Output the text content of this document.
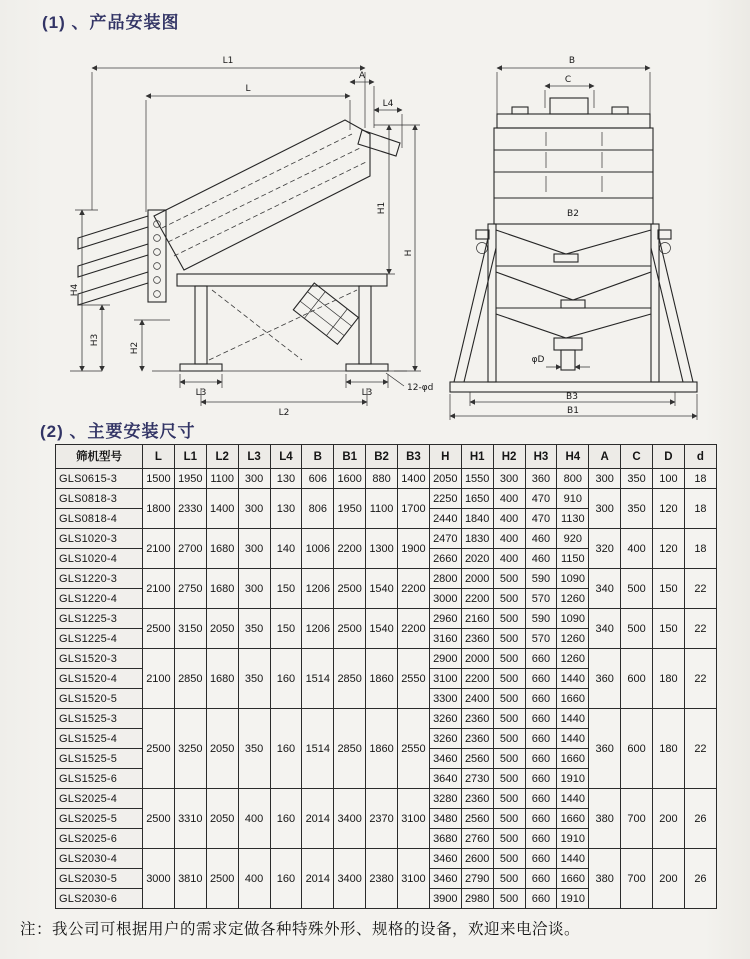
(1) 、产品安装图
L1
L
A
L4
H1
H
H4
H3
H2
L3	L3
L2
12-φd
B
C
B2
φD
B3
B1
(2) 、主要安装尺寸
筛机型号	L	L1	L2	L3	L4	B	B1	B2	B3	H	H1	H2	H3	H4	A	C	D	d
GLS0615-3	1500	1950	1100	300	130	606	1600	880	1400	2050	1550	300	360	800	300	350	100	18
GLS0818-3	1800	2330	1400	300	130	806	1950	1100	1700	2250	1650	400	470	910	300	350	120	18
GLS0818-4										2440	1840	400	470	1130				
GLS1020-3	2100	2700	1680	300	140	1006	2200	1300	1900	2470	1830	400	460	920	320	400	120	18
GLS1020-4										2660	2020	400	460	1150				
GLS1220-3	2100	2750	1680	300	150	1206	2500	1540	2200	2800	2000	500	590	1090	340	500	150	22
GLS1220-4										3000	2200	500	570	1260				
GLS1225-3	2500	3150	2050	350	150	1206	2500	1540	2200	2960	2160	500	590	1090	340	500	150	22
GLS1225-4										3160	2360	500	570	1260				
GLS1520-3	2100	2850	1680	350	160	1514	2850	1860	2550	2900	2000	500	660	1260	360	600	180	22
GLS1520-4										3100	2200	500	660	1440				
GLS1520-5										3300	2400	500	660	1660				
GLS1525-3	2500	3250	2050	350	160	1514	2850	1860	2550	3260	2360	500	660	1440	360	600	180	22
GLS1525-4										3260	2360	500	660	1440				
GLS1525-5										3460	2560	500	660	1660				
GLS1525-6										3640	2730	500	660	1910				
GLS2025-4	2500	3310	2050	400	160	2014	3400	2370	3100	3280	2360	500	660	1440	380	700	200	26
GLS2025-5										3480	2560	500	660	1660				
GLS2025-6										3680	2760	500	660	1910				
GLS2030-4	3000	3810	2500	400	160	2014	3400	2380	3100	3460	2600	500	660	1440	380	700	200	26
GLS2030-5										3460	2790	500	660	1660				
GLS2030-6										3900	2980	500	660	1910				

注：我公司可根据用户的需求定做各种特殊外形、规格的设备，欢迎来电洽谈。
